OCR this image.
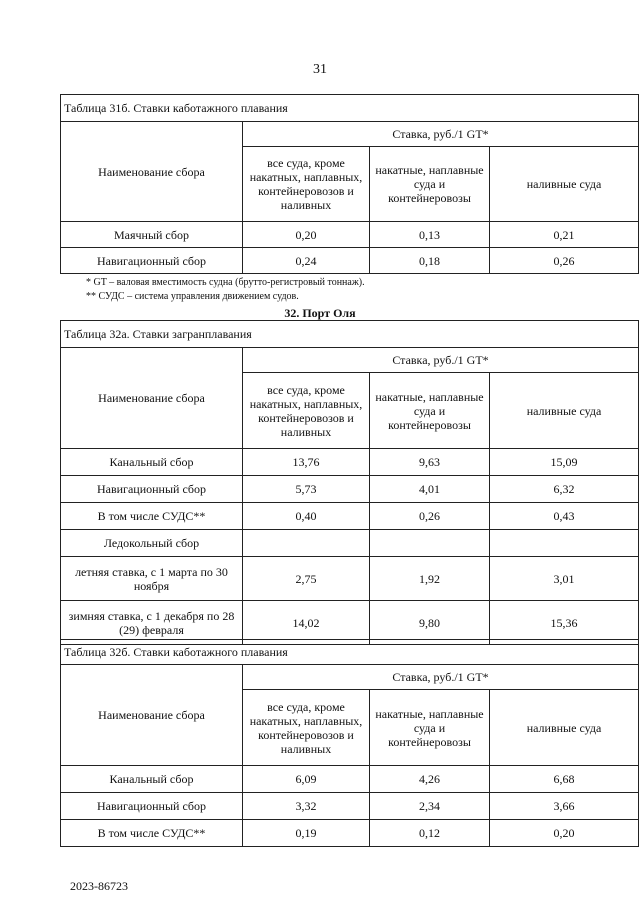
31
Таблица 31б. Ставки каботажного плавания			
Наименование сбора	Ставка, руб./1 GT*		
	все суда, кроме накатных, наплавных, контейнеровозов и наливных	накатные, наплавные суда и контейнеровозы	наливные суда
Маячный сбор	0,20	0,13	0,21
Навигационный сбор	0,24	0,18	0,26
* GT – валовая вместимость судна (брутто-регистровый тоннаж).
** СУДС – система управления движением судов.
32. Порт Оля
Таблица 32а. Ставки загранплавания			
Наименование сбора	Ставка, руб./1 GT*		
	все суда, кроме накатных, наплавных, контейнеровозов и наливных	накатные, наплавные суда и контейнеровозы	наливные суда
Канальный сбор	13,76	9,63	15,09
Навигационный сбор	5,73	4,01	6,32
В том числе СУДС**	0,40	0,26	0,43
Ледокольный сбор			
летняя ставка, с 1 марта по 30 ноября	2,75	1,92	3,01
зимняя ставка, с 1 декабря по 28 (29) февраля	14,02	9,80	15,36
Таблица 32б. Ставки каботажного плавания			
Наименование сбора	Ставка, руб./1 GT*		
	все суда, кроме накатных, наплавных, контейнеровозов и наливных	накатные, наплавные суда и контейнеровозы	наливные суда
Канальный сбор	6,09	4,26	6,68
Навигационный сбор	3,32	2,34	3,66
В том числе СУДС**	0,19	0,12	0,20
2023-86723
